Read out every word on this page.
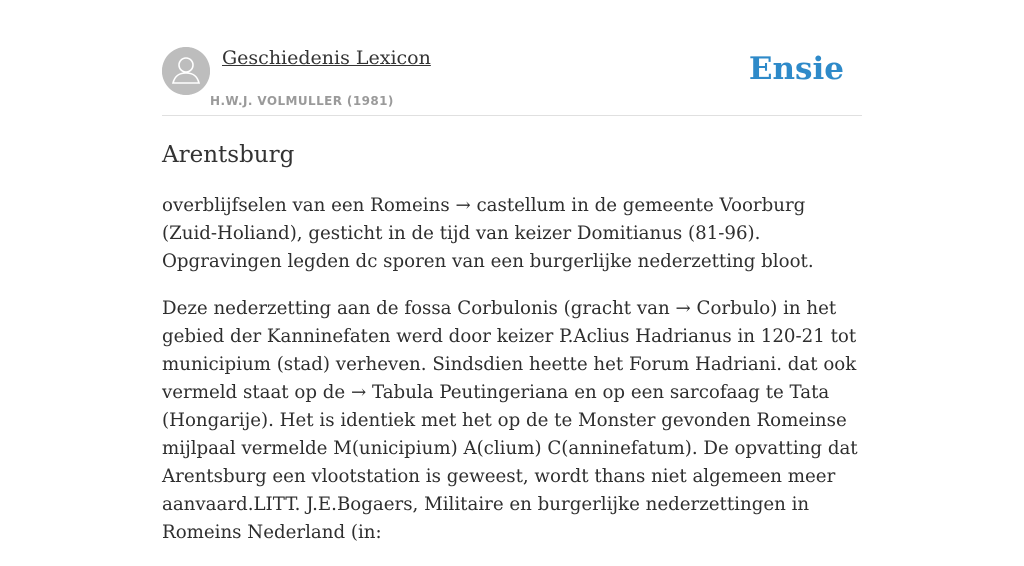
Geschiedenis Lexicon
H.W.J. VOLMULLER (1981)
Ensie
Arentsburg

overblijfselen van een Romeins → castellum in de gemeente Voorburg (Zuid-Holiand), gesticht in de tijd van keizer Domitianus (81-96). Opgravingen legden dc sporen van een burgerlijke nederzetting bloot.

Deze nederzetting aan de fossa Corbulonis (gracht van → Corbulo) in het gebied der Kanninefaten werd door keizer P.Aclius Hadrianus in 120-21 tot municipium (stad) verheven. Sindsdien heette het Forum Hadriani. dat ook vermeld staat op de → Tabula Peutingeriana en op een sarcofaag te Tata (Hongarije). Het is identiek met het op de te Monster gevonden Romeinse mijlpaal vermelde M(unicipium) A(clium) C(anninefatum). De opvatting dat Arentsburg een vlootstation is geweest, wordt thans niet algemeen meer aanvaard.LITT. J.E.Bogaers, Militaire en burgerlijke nederzettingen in Romeins Nederland (in:
